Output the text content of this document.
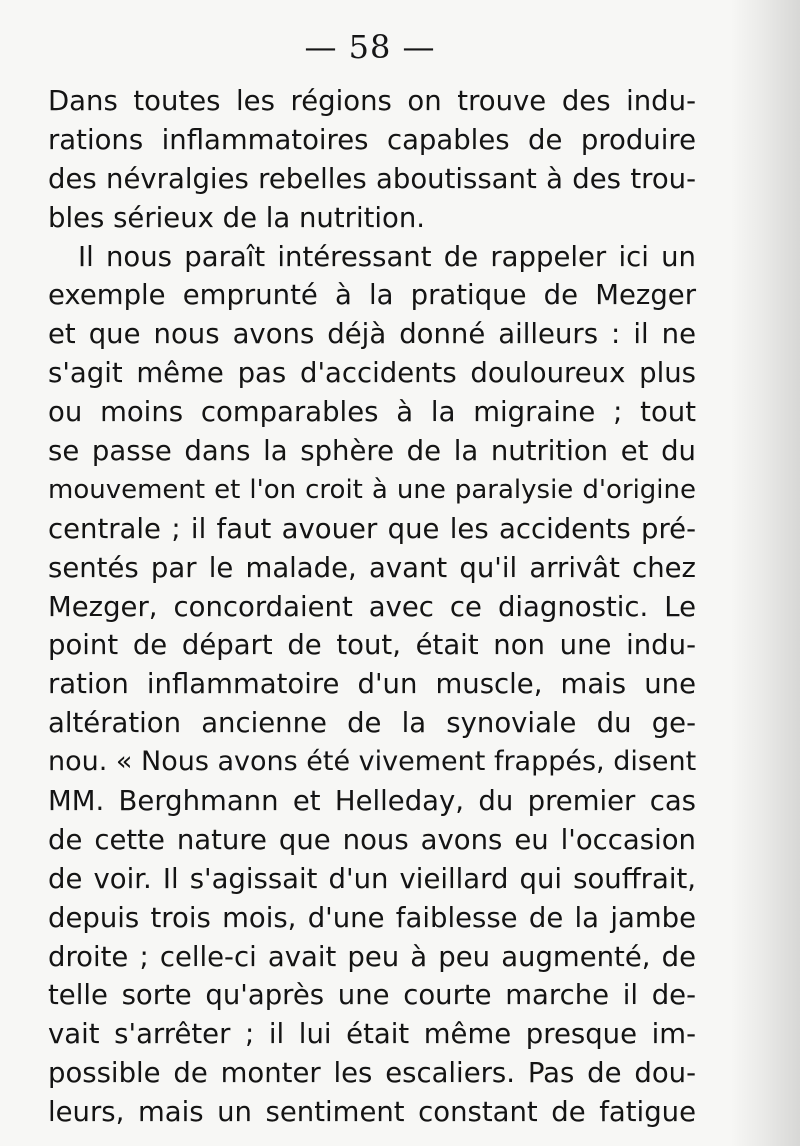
— 58 —
Dans toutes les régions on trouve des indu-
rations inflammatoires capables de produire
des névralgies rebelles aboutissant à des trou-
bles sérieux de la nutrition.
Il nous paraît intéressant de rappeler ici un
exemple emprunté à la pratique de Mezger
et que nous avons déjà donné ailleurs : il ne
s'agit même pas d'accidents douloureux plus
ou moins comparables à la migraine ; tout
se passe dans la sphère de la nutrition et du
mouvement et l'on croit à une paralysie d'origine
centrale ; il faut avouer que les accidents pré-
sentés par le malade, avant qu'il arrivât chez
Mezger, concordaient avec ce diagnostic. Le
point de départ de tout, était non une indu-
ration inflammatoire d'un muscle, mais une
altération ancienne de la synoviale du ge-
nou. « Nous avons été vivement frappés, disent
MM. Berghmann et Helleday, du premier cas
de cette nature que nous avons eu l'occasion
de voir. Il s'agissait d'un vieillard qui souffrait,
depuis trois mois, d'une faiblesse de la jambe
droite ; celle-ci avait peu à peu augmenté, de
telle sorte qu'après une courte marche il de-
vait s'arrêter ; il lui était même presque im-
possible de monter les escaliers. Pas de dou-
leurs, mais un sentiment constant de fatigue
